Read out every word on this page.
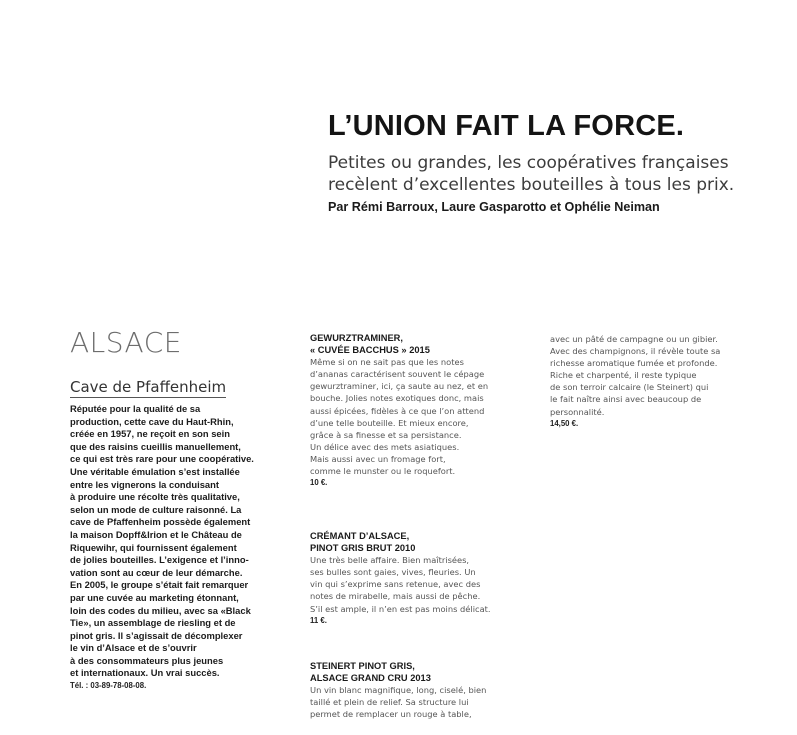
L’UNION FAIT LA FORCE.
Petites ou grandes, les coopératives françaises
recèlent d’excellentes bouteilles à tous les prix.
Par Rémi Barroux, Laure Gasparotto et Ophélie Neiman
ALSACE
Cave de Pfaffenheim
Réputée pour la qualité de sa
production, cette cave du Haut-Rhin,
créée en 1957, ne reçoit en son sein
que des raisins cueillis manuellement,
ce qui est très rare pour une coopérative.
Une véritable émulation s’est installée
entre les vignerons la conduisant
à produire une récolte très qualitative,
selon un mode de culture raisonné. La
cave de Pfaffenheim possède également
la maison Dopff&Irion et le Château de
Riquewihr, qui fournissent également
de jolies bouteilles. L’exigence et l’inno-
vation sont au cœur de leur démarche.
En 2005, le groupe s’était fait remarquer
par une cuvée au marketing étonnant,
loin des codes du milieu, avec sa «Black
Tie», un assemblage de riesling et de
pinot gris. Il s’agissait de décomplexer
le vin d’Alsace et de s’ouvrir
à des consommateurs plus jeunes
et internationaux. Un vrai succès.
Tél. : 03-89-78-08-08.
GEWURZTRAMINER,
« CUVÉE BACCHUS » 2015
Même si on ne sait pas que les notes
d’ananas caractérisent souvent le cépage
gewurztraminer, ici, ça saute au nez, et en
bouche. Jolies notes exotiques donc, mais
aussi épicées, fidèles à ce que l’on attend
d’une telle bouteille. Et mieux encore,
grâce à sa finesse et sa persistance.
Un délice avec des mets asiatiques.
Mais aussi avec un fromage fort,
comme le munster ou le roquefort.
10 €.
CRÉMANT D’ALSACE,
PINOT GRIS BRUT 2010
Une très belle affaire. Bien maîtrisées,
ses bulles sont gaies, vives, fleuries. Un
vin qui s’exprime sans retenue, avec des
notes de mirabelle, mais aussi de pêche.
S’il est ample, il n’en est pas moins délicat.
11 €.
STEINERT PINOT GRIS,
ALSACE GRAND CRU 2013
Un vin blanc magnifique, long, ciselé, bien
taillé et plein de relief. Sa structure lui
permet de remplacer un rouge à table,
avec un pâté de campagne ou un gibier.
Avec des champignons, il révèle toute sa
richesse aromatique fumée et profonde.
Riche et charpenté, il reste typique
de son terroir calcaire (le Steinert) qui
le fait naître ainsi avec beaucoup de
personnalité.
14,50 €.
